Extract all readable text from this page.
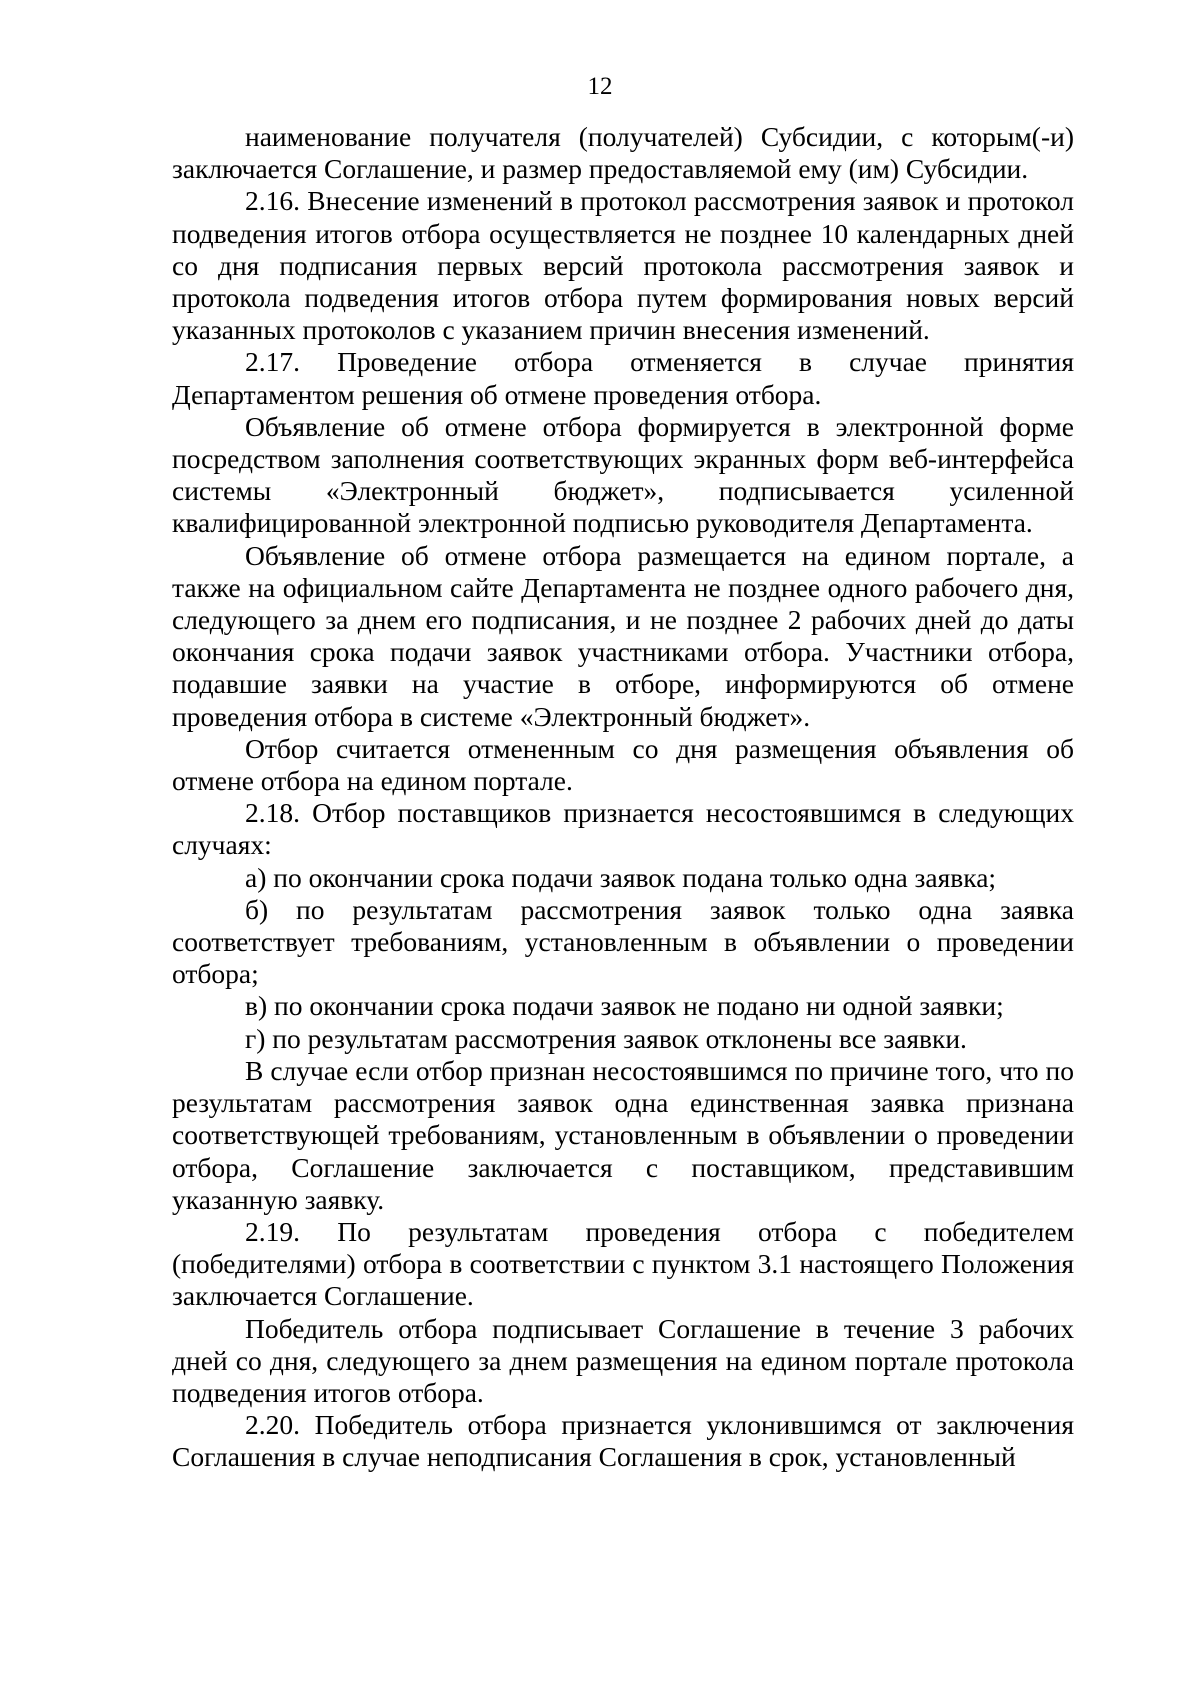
12

наименование получателя (получателей) Субсидии, с которым(-и) заключается Соглашение, и размер предоставляемой ему (им) Субсидии.

2.16. Внесение изменений в протокол рассмотрения заявок и протокол подведения итогов отбора осуществляется не позднее 10 календарных дней со дня подписания первых версий протокола рассмотрения заявок и протокола подведения итогов отбора путем формирования новых версий указанных протоколов с указанием причин внесения изменений.

2.17. Проведение отбора отменяется в случае принятия Департаментом решения об отмене проведения отбора.

Объявление об отмене отбора формируется в электронной форме посредством заполнения соответствующих экранных форм веб-интерфейса системы «Электронный бюджет», подписывается усиленной квалифицированной электронной подписью руководителя Департамента.

Объявление об отмене отбора размещается на едином портале, а также на официальном сайте Департамента не позднее одного рабочего дня, следующего за днем его подписания, и не позднее 2 рабочих дней до даты окончания срока подачи заявок участниками отбора. Участники отбора, подавшие заявки на участие в отборе, информируются об отмене проведения отбора в системе «Электронный бюджет».

Отбор считается отмененным со дня размещения объявления об отмене отбора на едином портале.

2.18. Отбор поставщиков признается несостоявшимся в следующих случаях:

а) по окончании срока подачи заявок подана только одна заявка;

б) по результатам рассмотрения заявок только одна заявка соответствует требованиям, установленным в объявлении о проведении отбора;

в) по окончании срока подачи заявок не подано ни одной заявки;

г) по результатам рассмотрения заявок отклонены все заявки.

В случае если отбор признан несостоявшимся по причине того, что по результатам рассмотрения заявок одна единственная заявка признана соответствующей требованиям, установленным в объявлении о проведении отбора, Соглашение заключается с поставщиком, представившим указанную заявку.

2.19. По результатам проведения отбора с победителем (победителями) отбора в соответствии с пунктом 3.1 настоящего Положения заключается Соглашение.

Победитель отбора подписывает Соглашение в течение 3 рабочих дней со дня, следующего за днем размещения на едином портале протокола подведения итогов отбора.

2.20. Победитель отбора признается уклонившимся от заключения Соглашения в случае неподписания Соглашения в срок, установленный
